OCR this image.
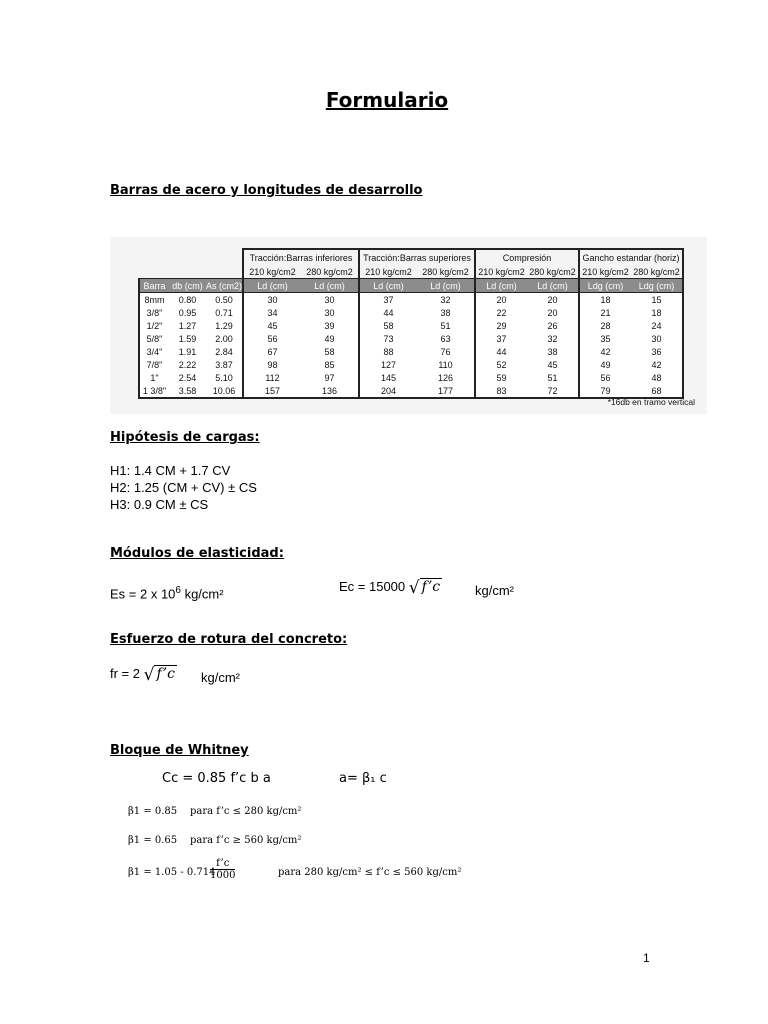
Formulario
Barras de acero y longitudes de desarrollo
			Tracción:Barras inferiores		Tracción:Barras superiores		Compresión		Gancho estandar (horiz)	
			210 kg/cm2	280 kg/cm2	210 kg/cm2	280 kg/cm2	210 kg/cm2	280 kg/cm2	210 kg/cm2	280 kg/cm2
Barra	db (cm)	As (cm2)	Ld (cm)	Ld (cm)	Ld (cm)	Ld (cm)	Ld (cm)	Ld (cm)	Ldg (cm)	Ldg (cm)
8mm	0.80	0.50	30	30	37	32	20	20	18	15
3/8"	0.95	0.71	34	30	44	38	22	20	21	18
1/2"	1.27	1.29	45	39	58	51	29	26	28	24
5/8"	1.59	2.00	56	49	73	63	37	32	35	30
3/4"	1.91	2.84	67	58	88	76	44	38	42	36
7/8"	2.22	3.87	98	85	127	110	52	45	49	42
1"	2.54	5.10	112	97	145	126	59	51	56	48
1 3/8"	3.58	10.06	157	136	204	177	83	72	79	68
*16db en tramo vertical
Hipótesis de cargas:
H1: 1.4 CM + 1.7 CV
H2: 1.25 (CM + CV) ± CS
H3: 0.9 CM ± CS
Módulos de elasticidad:
Es = 2 x $10^6$ kg/cm²	Ec = 15000 √ f’c	kg/cm²
Esfuerzo de rotura del concreto:
fr = 2 √ f’c kg/cm²
Bloque de Whitney
Cc = 0.85 f’c b a	a= β₁ c
β1 = 0.85 para f’c ≤ 280 kg/cm²
β1 = 0.65 para f’c ≥ 560 kg/cm²
β1 = 1.05 - 0.714
$\frac{f’c}{1000}$	para 280 kg/cm² ≤ f’c ≤ 560 kg/cm²
1
